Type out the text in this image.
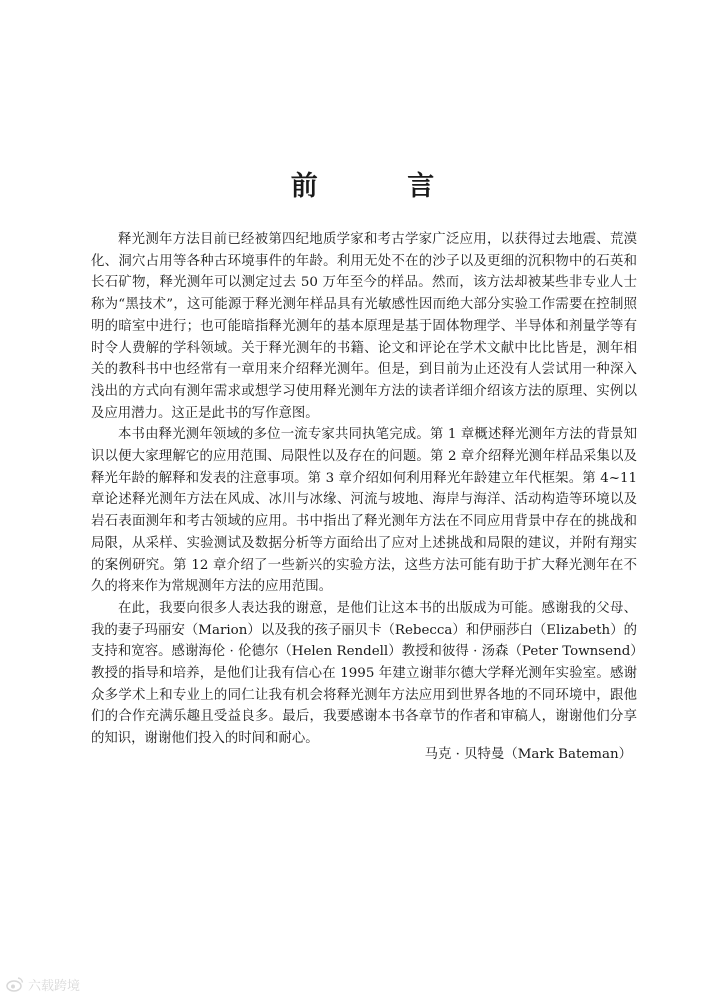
前 言

释光测年方法目前已经被第四纪地质学家和考古学家广泛应用，以获得过去地震、荒漠化、洞穴占用等各种古环境事件的年龄。利用无处不在的沙子以及更细的沉积物中的石英和长石矿物，释光测年可以测定过去 50 万年至今的样品。然而，该方法却被某些非专业人士称为“黑技术”，这可能源于释光测年样品具有光敏感性因而绝大部分实验工作需要在控制照明的暗室中进行；也可能暗指释光测年的基本原理是基于固体物理学、半导体和剂量学等有时令人费解的学科领域。关于释光测年的书籍、论文和评论在学术文献中比比皆是，测年相关的教科书中也经常有一章用来介绍释光测年。但是，到目前为止还没有人尝试用一种深入浅出的方式向有测年需求或想学习使用释光测年方法的读者详细介绍该方法的原理、实例以及应用潜力。这正是此书的写作意图。

本书由释光测年领域的多位一流专家共同执笔完成。第 1 章概述释光测年方法的背景知识以便大家理解它的应用范围、局限性以及存在的问题。第 2 章介绍释光测年样品采集以及释光年龄的解释和发表的注意事项。第 3 章介绍如何利用释光年龄建立年代框架。第 4~11 章论述释光测年方法在风成、冰川与冰缘、河流与坡地、海岸与海洋、活动构造等环境以及岩石表面测年和考古领域的应用。书中指出了释光测年方法在不同应用背景中存在的挑战和局限，从采样、实验测试及数据分析等方面给出了应对上述挑战和局限的建议，并附有翔实的案例研究。第 12 章介绍了一些新兴的实验方法，这些方法可能有助于扩大释光测年在不久的将来作为常规测年方法的应用范围。

在此，我要向很多人表达我的谢意，是他们让这本书的出版成为可能。感谢我的父母、我的妻子玛丽安（Marion）以及我的孩子丽贝卡（Rebecca）和伊丽莎白（Elizabeth）的支持和宽容。感谢海伦 · 伦德尔（Helen Rendell）教授和彼得 · 汤森（Peter Townsend）教授的指导和培养，是他们让我有信心在 1995 年建立谢菲尔德大学释光测年实验室。感谢众多学术上和专业上的同仁让我有机会将释光测年方法应用到世界各地的不同环境中，跟他们的合作充满乐趣且受益良多。最后，我要感谢本书各章节的作者和审稿人，谢谢他们分享的知识，谢谢他们投入的时间和耐心。

马克 · 贝特曼（Mark Bateman）

六载跨境
